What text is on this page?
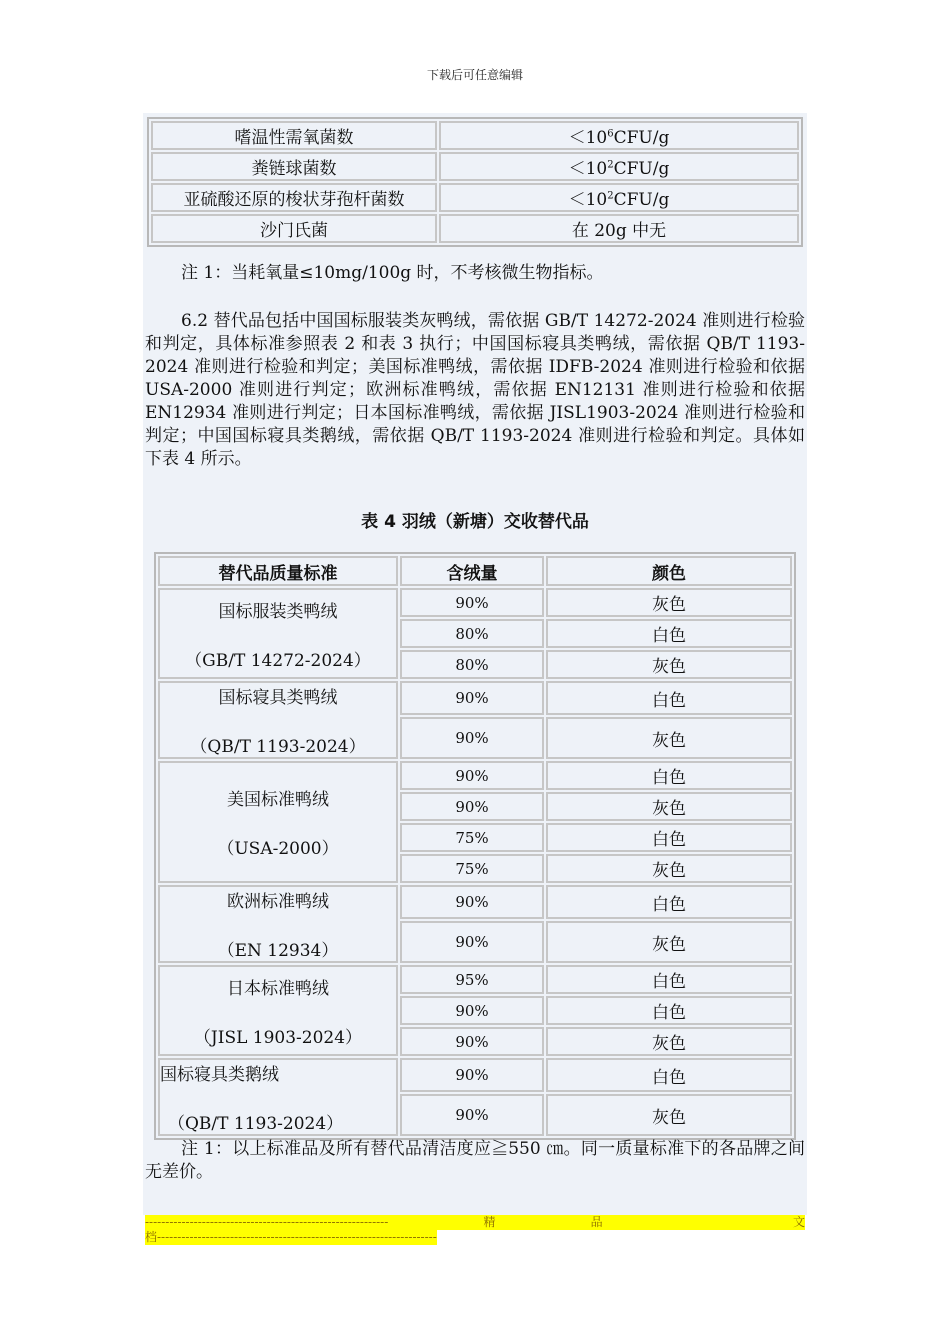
下载后可任意编辑
嗜温性需氧菌数	$<10^6CFU/g$
粪链球菌数	$<10^2CFU/g$
亚硫酸还原的梭状芽孢杆菌数	$<10^2CFU/g$
沙门氏菌	在 20g 中无
注 1：当耗氧量≤10mg/100g 时，不考核微生物指标。
6.2 替代品包括中国国标服装类灰鸭绒，需依据 GB/T 14272-2024 准则进行检验和判定，具体标准参照表 2 和表 3 执行；中国国标寝具类鸭绒，需依据 QB/T 1193-2024 准则进行检验和判定；美国标准鸭绒，需依据 IDFB-2024 准则进行检验和依据 USA-2000 准则进行判定；欧洲标准鸭绒，需依据 EN12131 准则进行检验和依据 EN12934 准则进行判定；日本国标准鸭绒，需依据 JISL1903-2024 准则进行检验和判定；中国国标寝具类鹅绒，需依据 QB/T 1193-2024 准则进行检验和判定。具体如下表 4 所示。
表 4 羽绒（新塘）交收替代品
替代品质量标准	含绒量	颜色

国标服装类鸭绒
（GB/T 14272-2024）	90%	灰色
	80%	白色
	80%	灰色

国标寝具类鸭绒
（QB/T 1193-2024）	90%	白色
	90%	灰色

美国标准鸭绒
（USA-2000）	90%	白色
	90%	灰色
	75%	白色
	75%	灰色

欧洲标准鸭绒
（EN 12934）	90%	白色
	90%	灰色

日本标准鸭绒
（JISL 1903-2024）	95%	白色
	90%	白色
	90%	灰色

国标寝具类鹅绒
（QB/T 1193-2024）	90%	白色
	90%	灰色
注 1：以上标准品及所有替代品清洁度应≧550 ㎝。同一质量标准下的各品牌之间无差价。
------------------------------------------------------------	精	品	文
档---------------------------------------------------------------------
